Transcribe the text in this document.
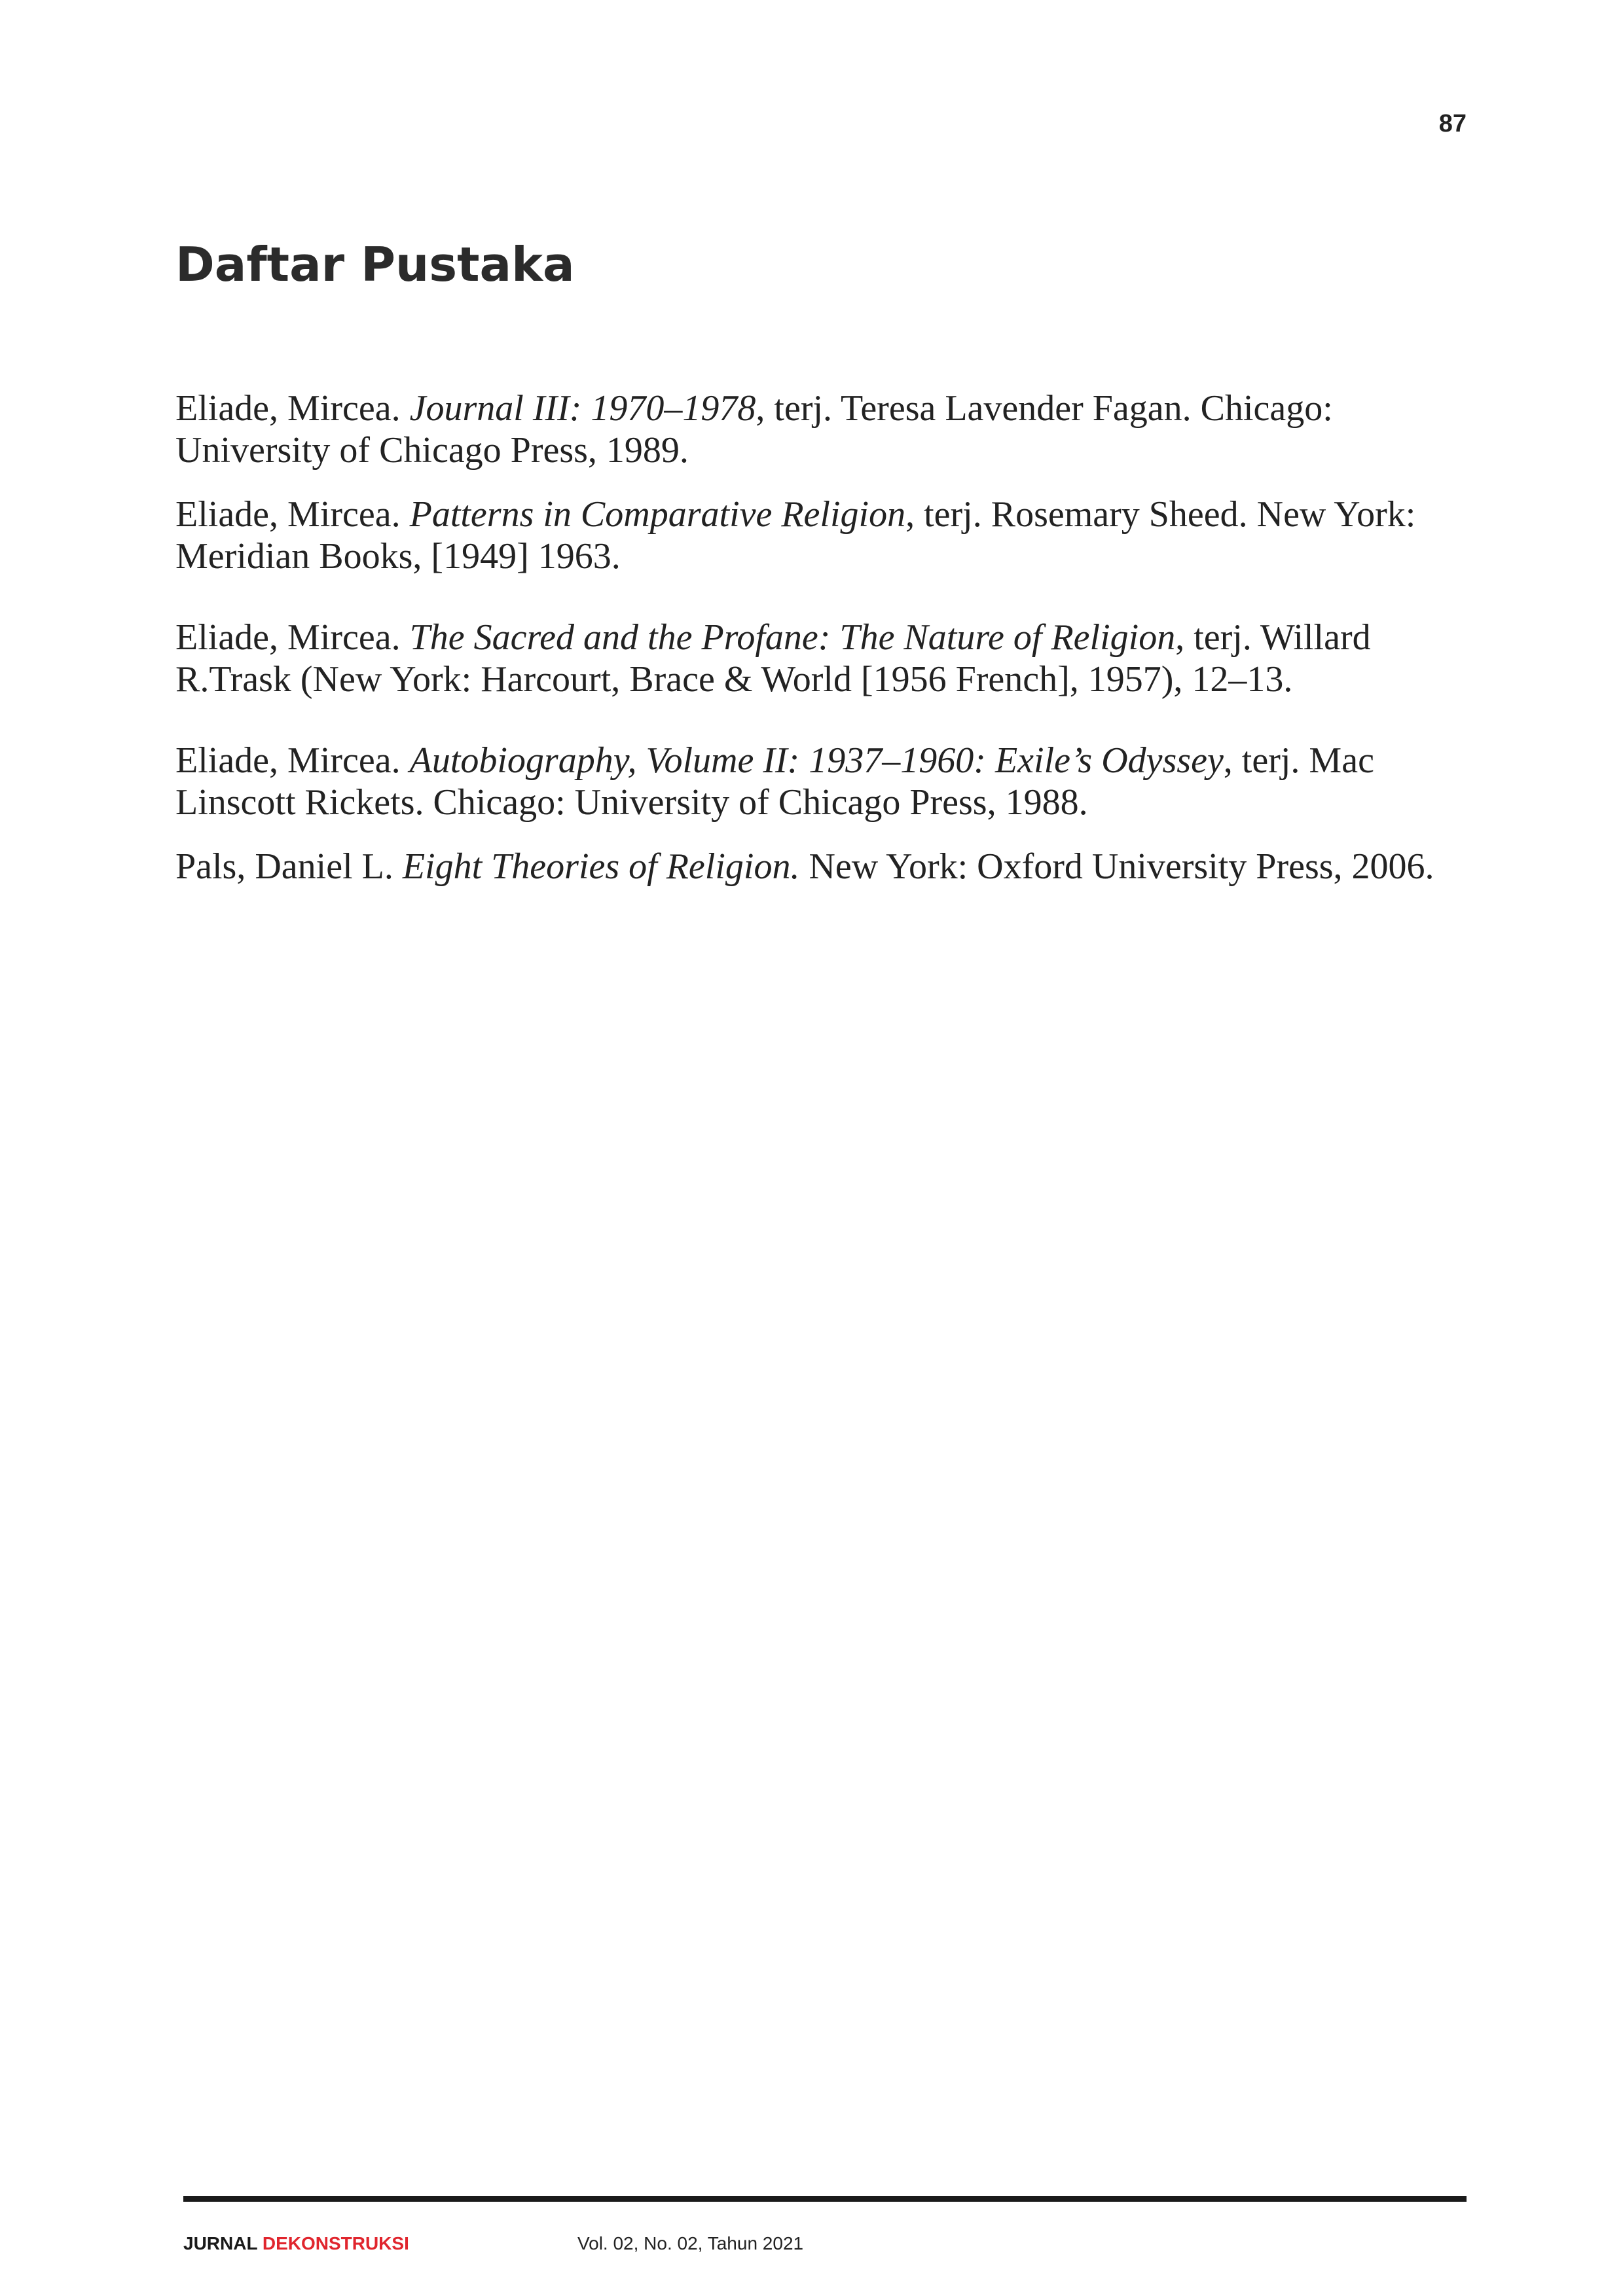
87
Daftar Pustaka

Eliade, Mircea. Journal III: 1970–1978, terj. Teresa Lavender Fagan. Chicago: University of Chicago Press, 1989.

Eliade, Mircea. Patterns in Comparative Religion, terj. Rosemary Sheed. New York: Meridian Books, [1949] 1963.

Eliade, Mircea. The Sacred and the Profane: The Nature of Religion, terj. Willard R.Trask (New York: Harcourt, Brace & World [1956 French], 1957), 12–13.

Eliade, Mircea. Autobiography, Volume II: 1937–1960: Exile’s Odyssey, terj. Mac Linscott Rickets. Chicago: University of Chicago Press, 1988.

Pals, Daniel L. Eight Theories of Religion. New York: Oxford University Press, 2006.

JURNAL DEKONSTRUKSI	Vol. 02, No. 02, Tahun 2021
